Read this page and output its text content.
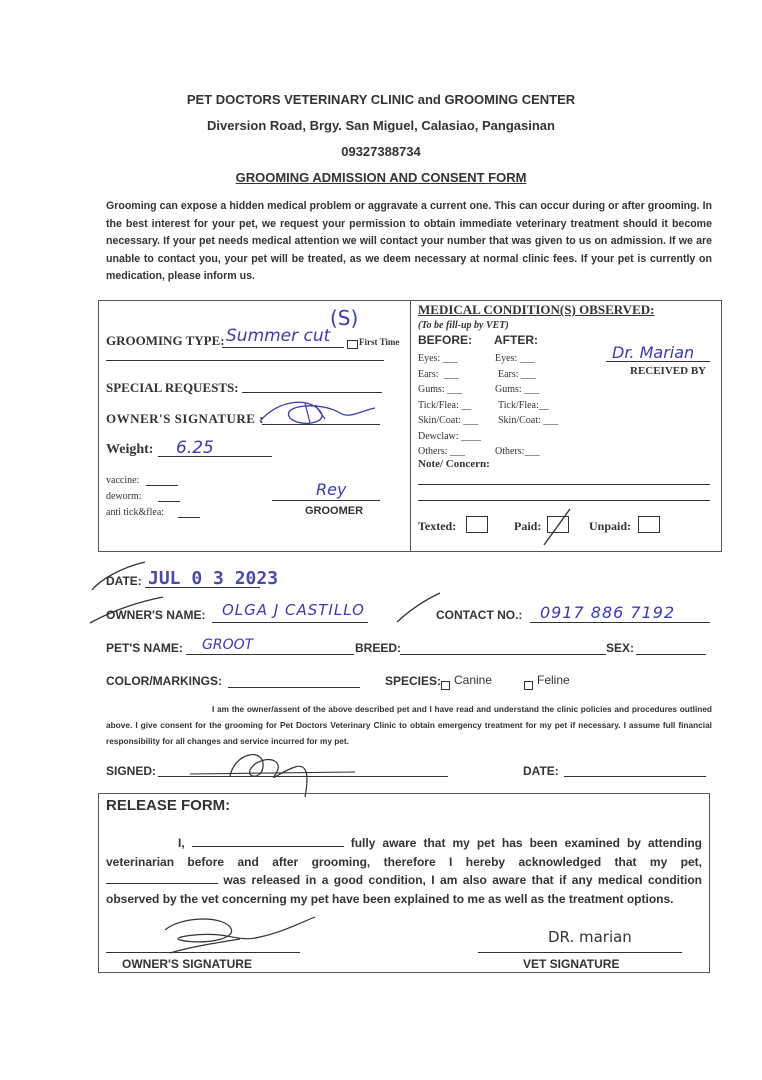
PET DOCTORS VETERINARY CLINIC and GROOMING CENTER
Diversion Road, Brgy. San Miguel, Calasiao, Pangasinan
09327388734
GROOMING ADMISSION AND CONSENT FORM
Grooming can expose a hidden medical problem or aggravate a current one. This can occur during or after grooming. In the best interest for your pet, we request your permission to obtain immediate veterinary treatment should it become necessary. If your pet needs medical attention we will contact your number that was given to us on admission. If we are unable to contact you, your pet will be treated, as we deem necessary at normal clinic fees. If your pet is currently on medication, please inform us.
GROOMING TYPE: Summer cut
(S)
First Time
SPECIAL REQUESTS:
OWNER'S SIGNATURE :
Weight: 6.25
vaccine:
deworm:
anti tick&flea:
Rey
GROOMER
MEDICAL CONDITION(S) OBSERVED:
(To be fill-up by VET)
BEFORE: AFTER:
Eyes: ___	Eyes: ___
Ears:  ___	Ears: ___
Gums: ___	Gums: ___
Tick/Flea: __	Tick/Flea:__
Skin/Coat: ___ Skin/Coat: ___
Dewclaw: ____
Others: ___	Others:___
Note/ Concern:
Dr. Marian
RECEIVED BY
Texted:	Paid:	Unpaid:
DATE: JUL 0 3 2023
OWNER'S NAME: OLGA J CASTILLO	CONTACT NO.: 0917 886 7192
PET'S NAME: GROOT	BREED:	SEX:
COLOR/MARKINGS:	SPECIES: Canine	Feline
I am the owner/assent of the above described pet and I have read and understand the clinic policies and procedures outlined above. I give consent for the grooming for Pet Doctors Veterinary Clinic to obtain emergency treatment for my pet if necessary. I assume full financial responsibility for all changes and service incurred for my pet.
SIGNED:	DATE:
RELEASE FORM:
I,	fully aware that my pet has been examined by attending veterinarian before and after grooming, therefore I hereby acknowledged that my pet,  was released in a good condition, I am also aware that if any medical condition observed by the vet concerning my pet have been explained to me as well as the treatment options.
OWNER'S SIGNATURE
DR. marian
VET SIGNATURE
